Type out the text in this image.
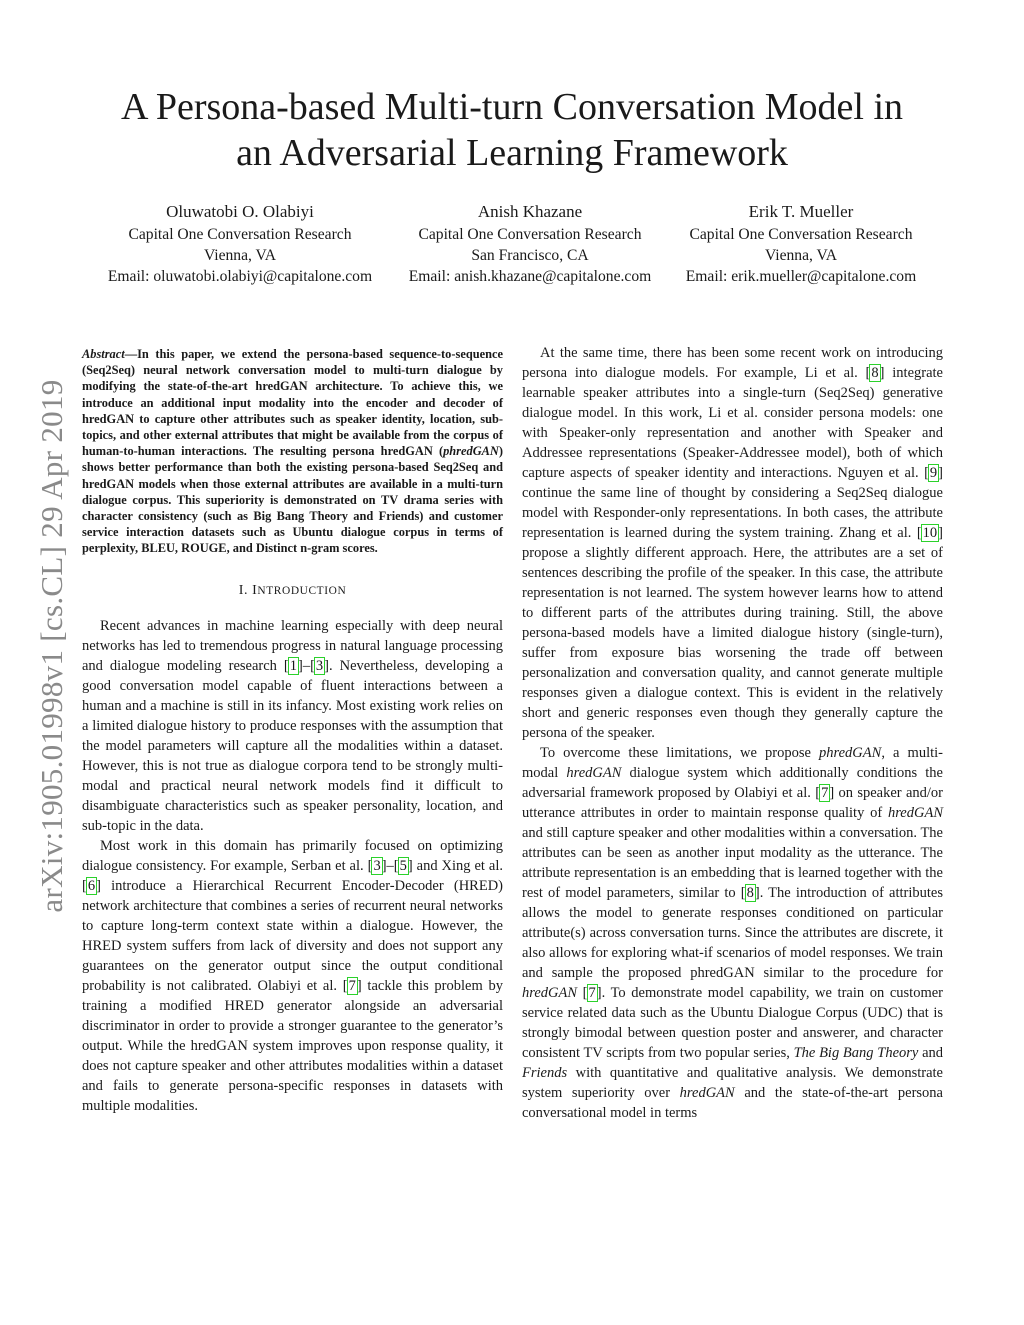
A Persona-based Multi-turn Conversation Model in
an Adversarial Learning Framework
Oluwatobi O. Olabiyi
Capital One Conversation Research
Vienna, VA
Email: oluwatobi.olabiyi@capitalone.com
Anish Khazane
Capital One Conversation Research
San Francisco, CA
Email: anish.khazane@capitalone.com
Erik T. Mueller
Capital One Conversation Research
Vienna, VA
Email: erik.mueller@capitalone.com
arXiv:1905.01998v1 [cs.CL] 29 Apr 2019
Abstract—In this paper, we extend the persona-based sequence-to-sequence (Seq2Seq) neural network conversation model to multi-turn dialogue by modifying the state-of-the-art hredGAN architecture. To achieve this, we introduce an additional input modality into the encoder and decoder of hredGAN to capture other attributes such as speaker identity, location, sub-topics, and other external attributes that might be available from the corpus of human-to-human interactions. The resulting persona hredGAN (phredGAN) shows better performance than both the existing persona-based Seq2Seq and hredGAN models when those external attributes are available in a multi-turn dialogue corpus. This superiority is demonstrated on TV drama series with character consistency (such as Big Bang Theory and Friends) and customer service interaction datasets such as Ubuntu dialogue corpus in terms of perplexity, BLEU, ROUGE, and Distinct n-gram scores.
I. INTRODUCTION

Recent advances in machine learning especially with deep neural networks has led to tremendous progress in natural language processing and dialogue modeling research [1]–[3]. Nevertheless, developing a good conversation model capable of fluent interactions between a human and a machine is still in its infancy. Most existing work relies on a limited dialogue history to produce responses with the assumption that the model parameters will capture all the modalities within a dataset. However, this is not true as dialogue corpora tend to be strongly multi-modal and practical neural network models find it difficult to disambiguate characteristics such as speaker personality, location, and sub-topic in the data.

Most work in this domain has primarily focused on optimizing dialogue consistency. For example, Serban et al. [3]–[5] and Xing et al. [6] introduce a Hierarchical Recurrent Encoder-Decoder (HRED) network architecture that combines a series of recurrent neural networks to capture long-term context state within a dialogue. However, the HRED system suffers from lack of diversity and does not support any guarantees on the generator output since the output conditional probability is not calibrated. Olabiyi et al. [7] tackle this problem by training a modified HRED generator alongside an adversarial discriminator in order to provide a stronger guarantee to the generator’s output. While the hredGAN system improves upon response quality, it does not capture speaker and other attributes modalities within a dataset and fails to generate persona-specific responses in datasets with multiple modalities.

At the same time, there has been some recent work on introducing persona into dialogue models. For example, Li et al. [8] integrate learnable speaker attributes into a single-turn (Seq2Seq) generative dialogue model. In this work, Li et al. consider persona models: one with Speaker-only representation and another with Speaker and Addressee representations (Speaker-Addressee model), both of which capture aspects of speaker identity and interactions. Nguyen et al. [9] continue the same line of thought by considering a Seq2Seq dialogue model with Responder-only representations. In both cases, the attribute representation is learned during the system training. Zhang et al. [10] propose a slightly different approach. Here, the attributes are a set of sentences describing the profile of the speaker. In this case, the attribute representation is not learned. The system however learns how to attend to different parts of the attributes during training. Still, the above persona-based models have a limited dialogue history (single-turn), suffer from exposure bias worsening the trade off between personalization and conversation quality, and cannot generate multiple responses given a dialogue context. This is evident in the relatively short and generic responses even though they generally capture the persona of the speaker.

To overcome these limitations, we propose phredGAN, a multi-modal hredGAN dialogue system which additionally conditions the adversarial framework proposed by Olabiyi et al. [7] on speaker and/or utterance attributes in order to maintain response quality of hredGAN and still capture speaker and other modalities within a conversation. The attributes can be seen as another input modality as the utterance. The attribute representation is an embedding that is learned together with the rest of model parameters, similar to [8]. The introduction of attributes allows the model to generate responses conditioned on particular attribute(s) across conversation turns. Since the attributes are discrete, it also allows for exploring what-if scenarios of model responses. We train and sample the proposed phredGAN similar to the procedure for hredGAN [7]. To demonstrate model capability, we train on customer service related data such as the Ubuntu Dialogue Corpus (UDC) that is strongly bimodal between question poster and answerer, and character consistent TV scripts from two popular series, The Big Bang Theory and Friends with quantitative and qualitative analysis. We demonstrate system superiority over hredGAN and the state-of-the-art persona conversational model in terms
